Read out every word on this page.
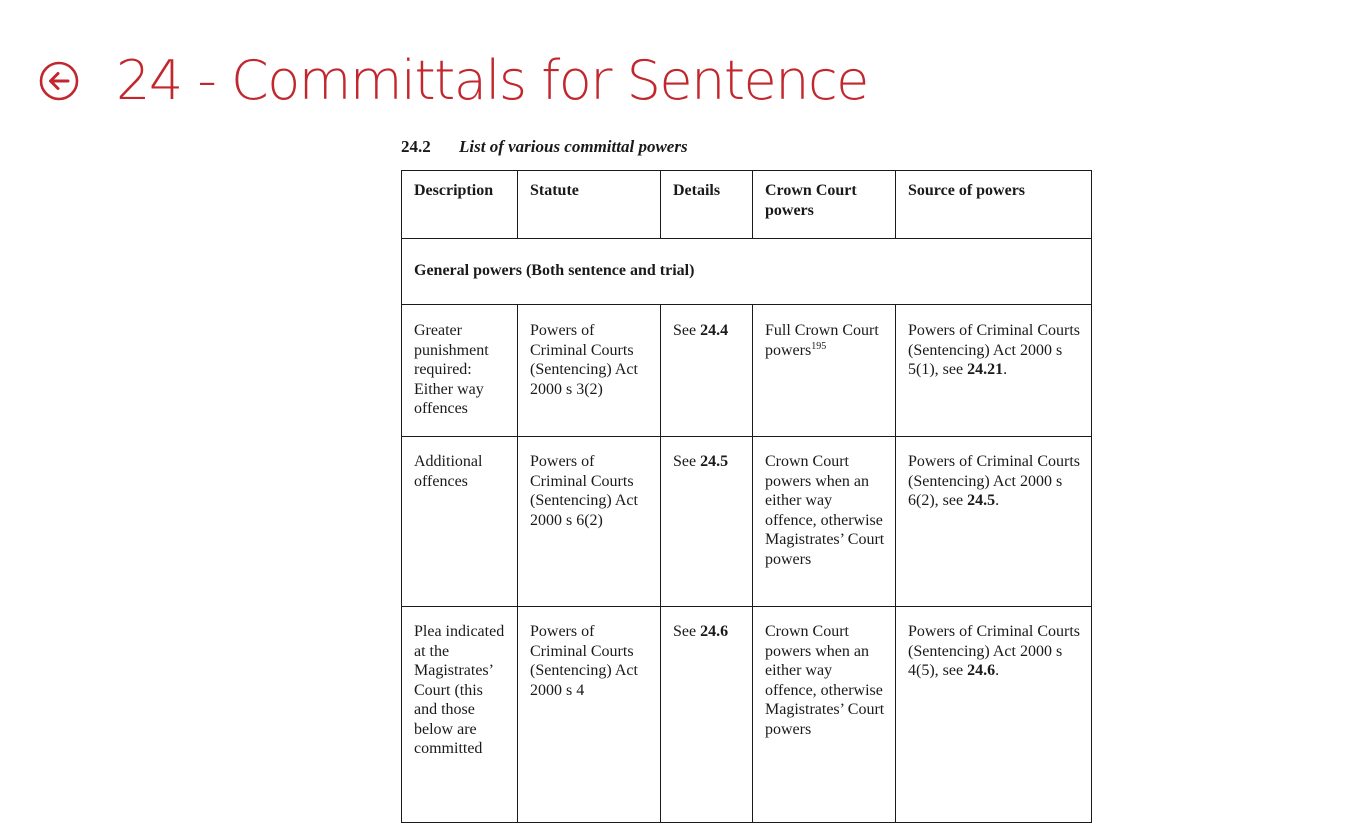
24 - Committals for Sentence
24.2 List of various committal powers
Description	Statute	Details	Crown Court powers	Source of powers
General powers (Both sentence and trial)				
Greater punishment required: Either way offences	Powers of Criminal Courts (Sentencing) Act 2000 s 3(2)	See 24.4	Full Crown Court powers$^{195}$	Powers of Criminal Courts (Sentencing) Act 2000 s 5(1), see 24.21.
Additional offences	Powers of Criminal Courts (Sentencing) Act 2000 s 6(2)	See 24.5	Crown Court powers when an either way offence, otherwise Magistrates’ Court powers	Powers of Criminal Courts (Sentencing) Act 2000 s 6(2), see 24.5.
Plea indicated at the Magistrates’ Court (this and those below are committed	Powers of Criminal Courts (Sentencing) Act 2000 s 4	See 24.6	Crown Court powers when an either way offence, otherwise Magistrates’ Court powers	Powers of Criminal Courts (Sentencing) Act 2000 s 4(5), see 24.6.
